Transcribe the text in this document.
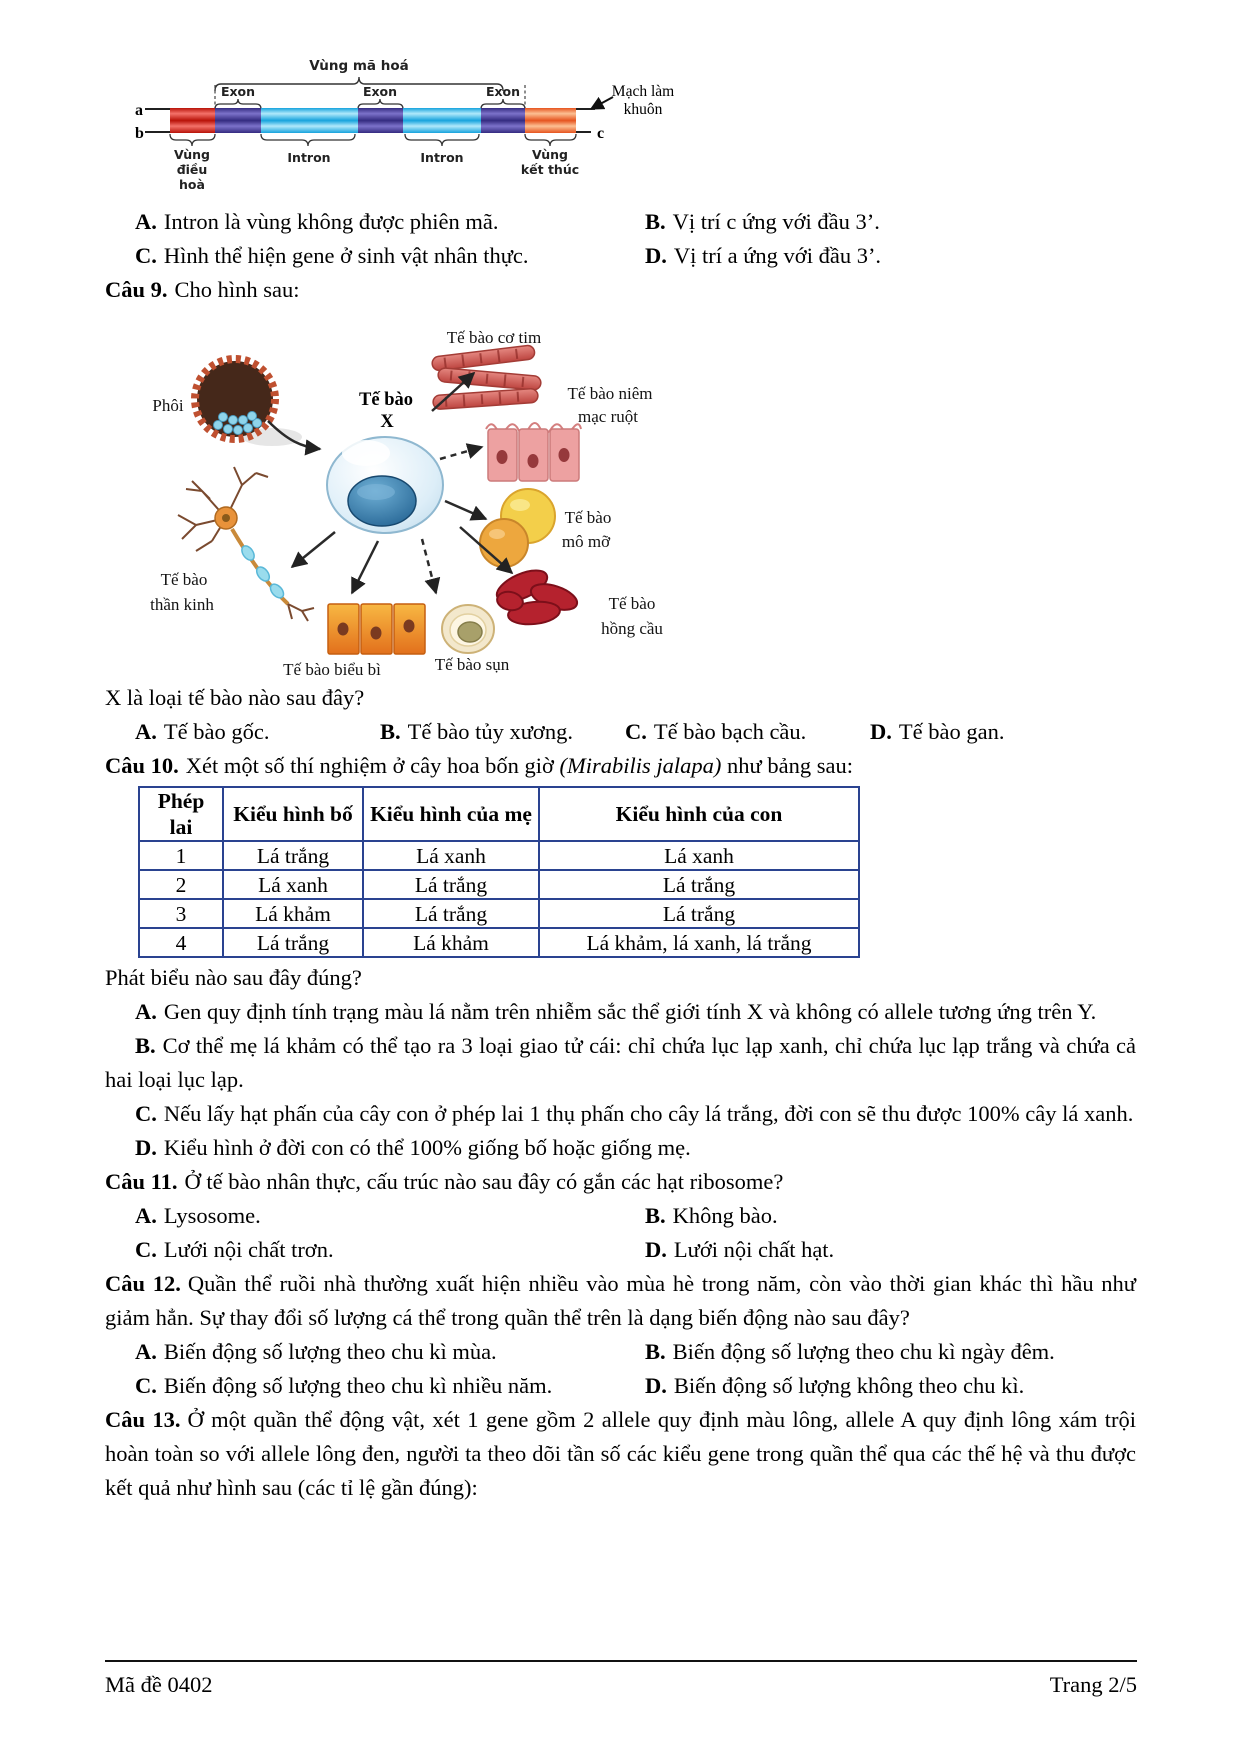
Vùng mã hoá
Exon	Exon	Exon
a
b	c
Intron	Intron
Vùng
điều
hoà
Vùng
kết thúc
Mạch làm
khuôn
A. Intron là vùng không được phiên mã.	B. Vị trí c ứng với đầu 3’.
C. Hình thể hiện gene ở sinh vật nhân thực.	D. Vị trí a ứng với đầu 3’.

Câu 9. Cho hình sau:

Phôi	Tế bào
X
Tế bào cơ tim
Tế bào niêm
mạc ruột
Tế bào
mô mỡ
Tế bào
hồng cầu
Tế bào
thần kinh
Tế bào biểu bì	Tế bào sụn

X là loại tế bào nào sau đây?

A. Tế bào gốc.	B. Tế bào tủy xương.	C. Tế bào bạch cầu.	D. Tế bào gan.

Câu 10. Xét một số thí nghiệm ở cây hoa bốn giờ (Mirabilis jalapa) như bảng sau:

Phép lai	Kiểu hình bố	Kiểu hình của mẹ	Kiểu hình của con
1	Lá trắng	Lá xanh	Lá xanh
2	Lá xanh	Lá trắng	Lá trắng
3	Lá khảm	Lá trắng	Lá trắng
4	Lá trắng	Lá khảm	Lá khảm, lá xanh, lá trắng

Phát biểu nào sau đây đúng?

A. Gen quy định tính trạng màu lá nằm trên nhiễm sắc thể giới tính X và không có allele tương ứng trên Y.

B. Cơ thể mẹ lá khảm có thể tạo ra 3 loại giao tử cái: chỉ chứa lục lạp xanh, chỉ chứa lục lạp trắng và chứa cả hai loại lục lạp.

C. Nếu lấy hạt phấn của cây con ở phép lai 1 thụ phấn cho cây lá trắng, đời con sẽ thu được 100% cây lá xanh.

D. Kiểu hình ở đời con có thể 100% giống bố hoặc giống mẹ.

Câu 11. Ở tế bào nhân thực, cấu trúc nào sau đây có gắn các hạt ribosome?

A. Lysosome.	B. Không bào.
C. Lưới nội chất trơn.	D. Lưới nội chất hạt.

Câu 12. Quần thể ruồi nhà thường xuất hiện nhiều vào mùa hè trong năm, còn vào thời gian khác thì hầu như giảm hẳn. Sự thay đổi số lượng cá thể trong quần thể trên là dạng biến động nào sau đây?

A. Biến động số lượng theo chu kì mùa.	B. Biến động số lượng theo chu kì ngày đêm.
C. Biến động số lượng theo chu kì nhiều năm.	D. Biến động số lượng không theo chu kì.

Câu 13. Ở một quần thể động vật, xét 1 gene gồm 2 allele quy định màu lông, allele A quy định lông xám trội hoàn toàn so với allele lông đen, người ta theo dõi tần số các kiểu gene trong quần thể qua các thế hệ và thu được kết quả như hình sau (các tỉ lệ gần đúng):

Mã đề 0402	Trang 2/5
